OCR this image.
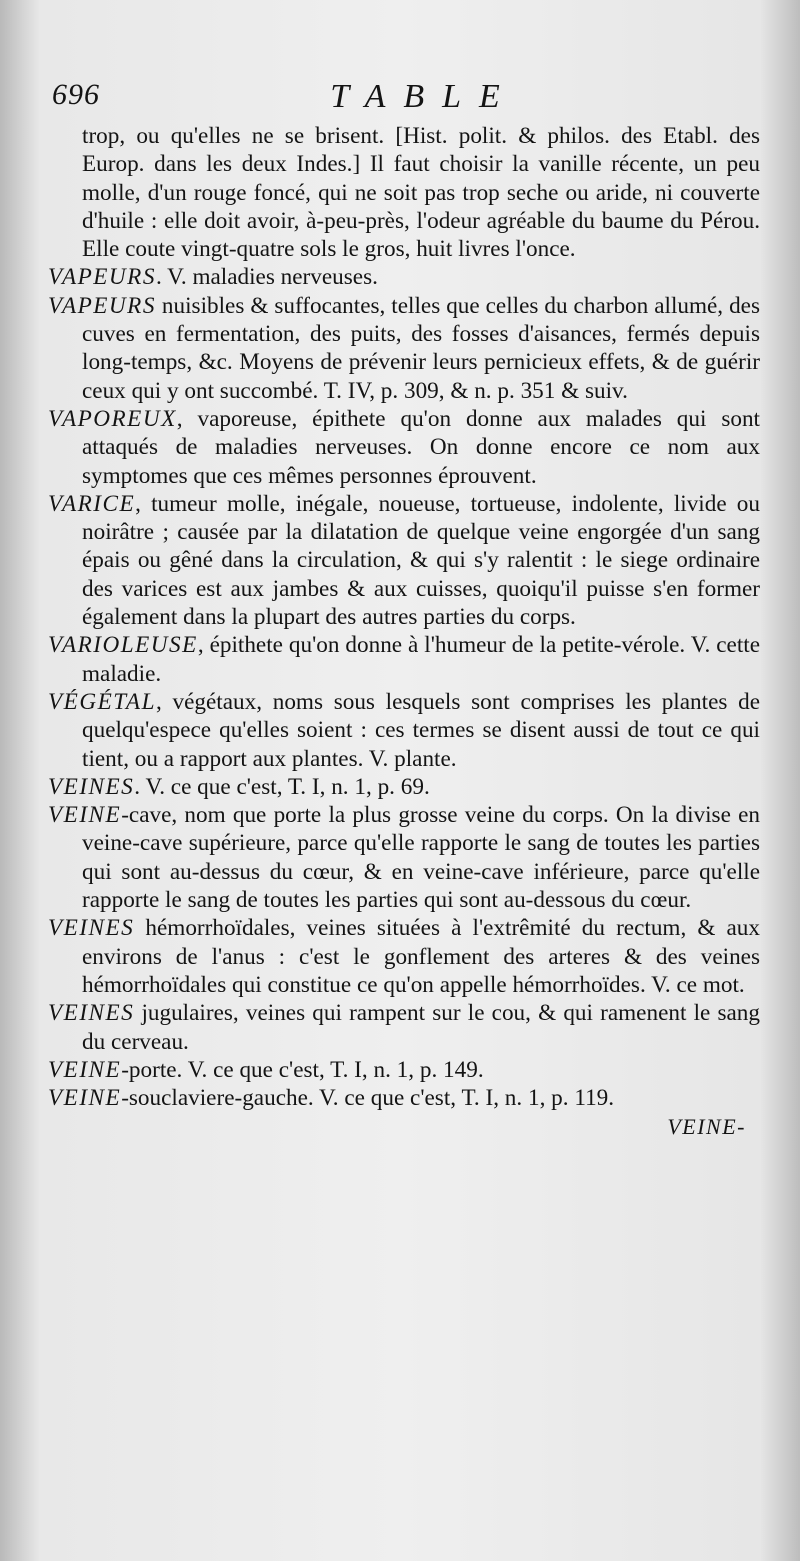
696	TABLE

trop, ou qu'elles ne se brisent. [Hist. polit. & philos. des Etabl. des Europ. dans les deux Indes.] Il faut choisir la vanille récente, un peu molle, d'un rouge foncé, qui ne soit pas trop seche ou aride, ni couverte d'huile : elle doit avoir, à-peu-près, l'odeur agréable du baume du Pérou. Elle coute vingt-quatre sols le gros, huit livres l'once.

VAPEURS. V. maladies nerveuses.

VAPEURS nuisibles & suffocantes, telles que celles du charbon allumé, des cuves en fermentation, des puits, des fosses d'aisances, fermés depuis long-temps, &c. Moyens de prévenir leurs pernicieux effets, & de guérir ceux qui y ont succombé. T. IV, p. 309, & n. p. 351 & suiv.

VAPOREUX, vaporeuse, épithete qu'on donne aux malades qui sont attaqués de maladies nerveuses. On donne encore ce nom aux symptomes que ces mêmes personnes éprouvent.

VARICE, tumeur molle, inégale, noueuse, tortueuse, indolente, livide ou noirâtre ; causée par la dilatation de quelque veine engorgée d'un sang épais ou gêné dans la circulation, & qui s'y ralentit : le siege ordinaire des varices est aux jambes & aux cuisses, quoiqu'il puisse s'en former également dans la plupart des autres parties du corps.

VARIOLEUSE, épithete qu'on donne à l'humeur de la petite-vérole. V. cette maladie.

VÉGÉTAL, végétaux, noms sous lesquels sont comprises les plantes de quelqu'espece qu'elles soient : ces termes se disent aussi de tout ce qui tient, ou a rapport aux plantes. V. plante.

VEINES. V. ce que c'est, T. I, n. 1, p. 69.

VEINE-cave, nom que porte la plus grosse veine du corps. On la divise en veine-cave supérieure, parce qu'elle rapporte le sang de toutes les parties qui sont au-dessus du cœur, & en veine-cave inférieure, parce qu'elle rapporte le sang de toutes les parties qui sont au-dessous du cœur.

VEINES hémorrhoïdales, veines situées à l'extrêmité du rectum, & aux environs de l'anus : c'est le gonflement des arteres & des veines hémorrhoïdales qui constitue ce qu'on appelle hémorrhoïdes. V. ce mot.

VEINES jugulaires, veines qui rampent sur le cou, & qui ramenent le sang du cerveau.

VEINE-porte. V. ce que c'est, T. I, n. 1, p. 149.

VEINE-souclaviere-gauche. V. ce que c'est, T. I, n. 1, p. 119.

VEINE-
